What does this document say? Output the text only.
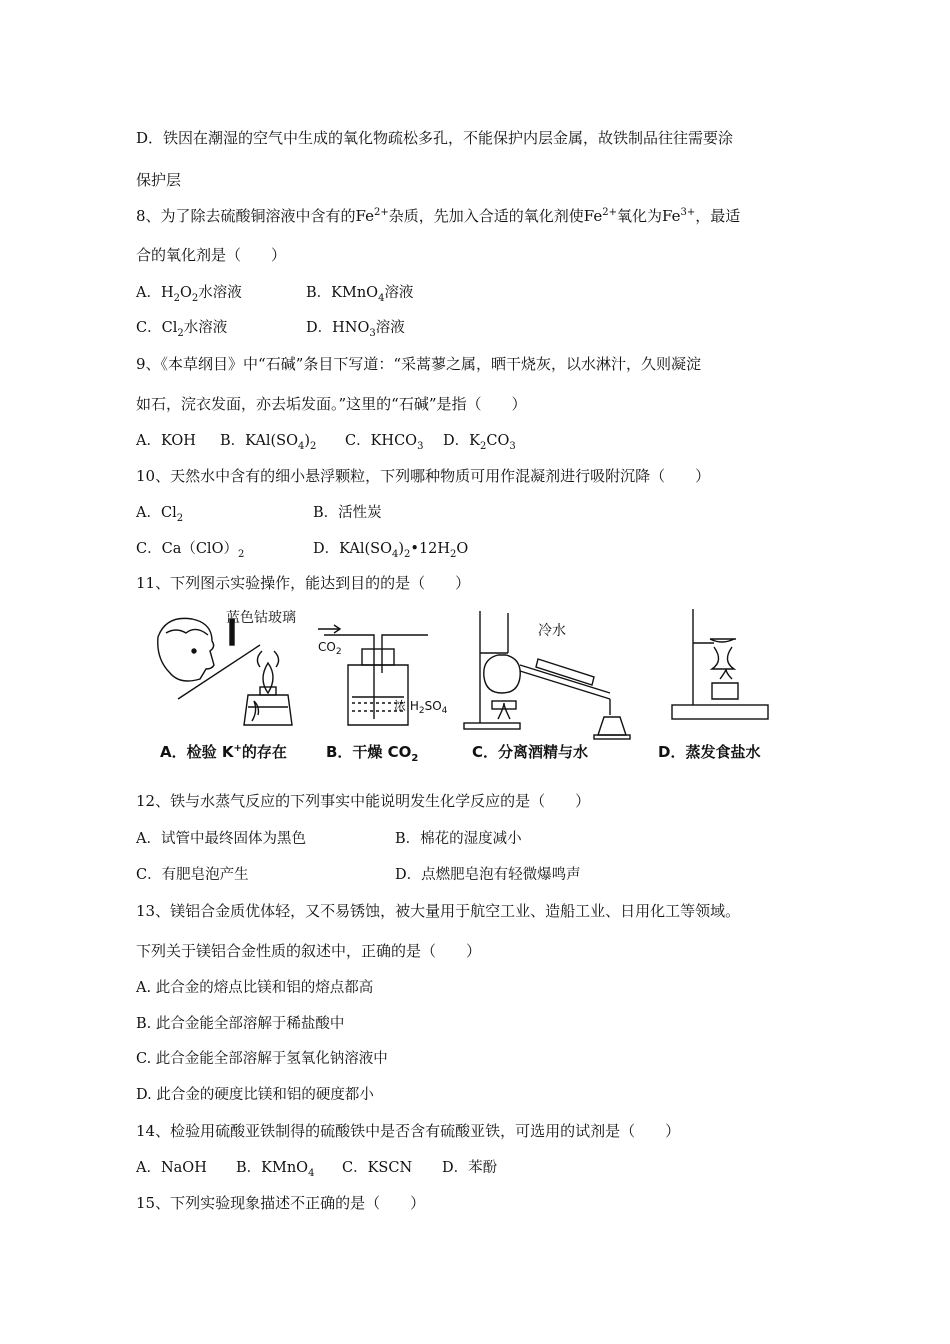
D．铁因在潮湿的空气中生成的氧化物疏松多孔，不能保护内层金属，故铁制品往往需要涂
保护层
8、为了除去硫酸铜溶液中含有的$Fe^{2+}$杂质，先加入合适的氧化剂使$Fe^{2+}$氧化为$Fe^{3+}$，最适
合的氧化剂是（　　）
A．$H_2O_2$水溶液	B．KMnO$_4$溶液
C．$Cl_2$水溶液	D．$HNO_3$溶液
9、《本草纲目》中“石碱”条目下写道：“采蒿蓼之属，晒干烧灰，以水淋汁，久则凝淀
如石，浣衣发面，亦去垢发面。”这里的“石碱”是指（　　）
A．KOH B．$KAl(SO_4)_2$ C．$KHCO_3$ D．$K_2CO_3$
10、天然水中含有的细小悬浮颗粒，下列哪种物质可用作混凝剂进行吸附沉降（　　）
A．$Cl_2$	B．活性炭
C．$Ca(ClO)_2$	D．$KAl(SO_4)_2•12H_2O$
11、下列图示实验操作，能达到目的的是（　　）
蓝色钴玻璃
$CO_2$
浓 $H_2SO_4$
冷水
A．检验 K+的存在	B．干燥 $CO_2$	C．分离酒精与水	D．蒸发食盐水
12、铁与水蒸气反应的下列事实中能说明发生化学反应的是（　　）
A．试管中最终固体为黑色	B．棉花的湿度减小
C．有肥皂泡产生	D．点燃肥皂泡有轻微爆鸣声
13、镁铝合金质优体轻，又不易锈蚀，被大量用于航空工业、造船工业、日用化工等领域。
下列关于镁铝合金性质的叙述中，正确的是（　　）
A. 此合金的熔点比镁和铝的熔点都高
B. 此合金能全部溶解于稀盐酸中
C. 此合金能全部溶解于氢氧化钠溶液中
D. 此合金的硬度比镁和铝的硬度都小
14、检验用硫酸亚铁制得的硫酸铁中是否含有硫酸亚铁，可选用的试剂是（　　）
A．NaOH B．KMnO$_4$ C．KSCN D．苯酚
15、下列实验现象描述不正确的是（　　）
